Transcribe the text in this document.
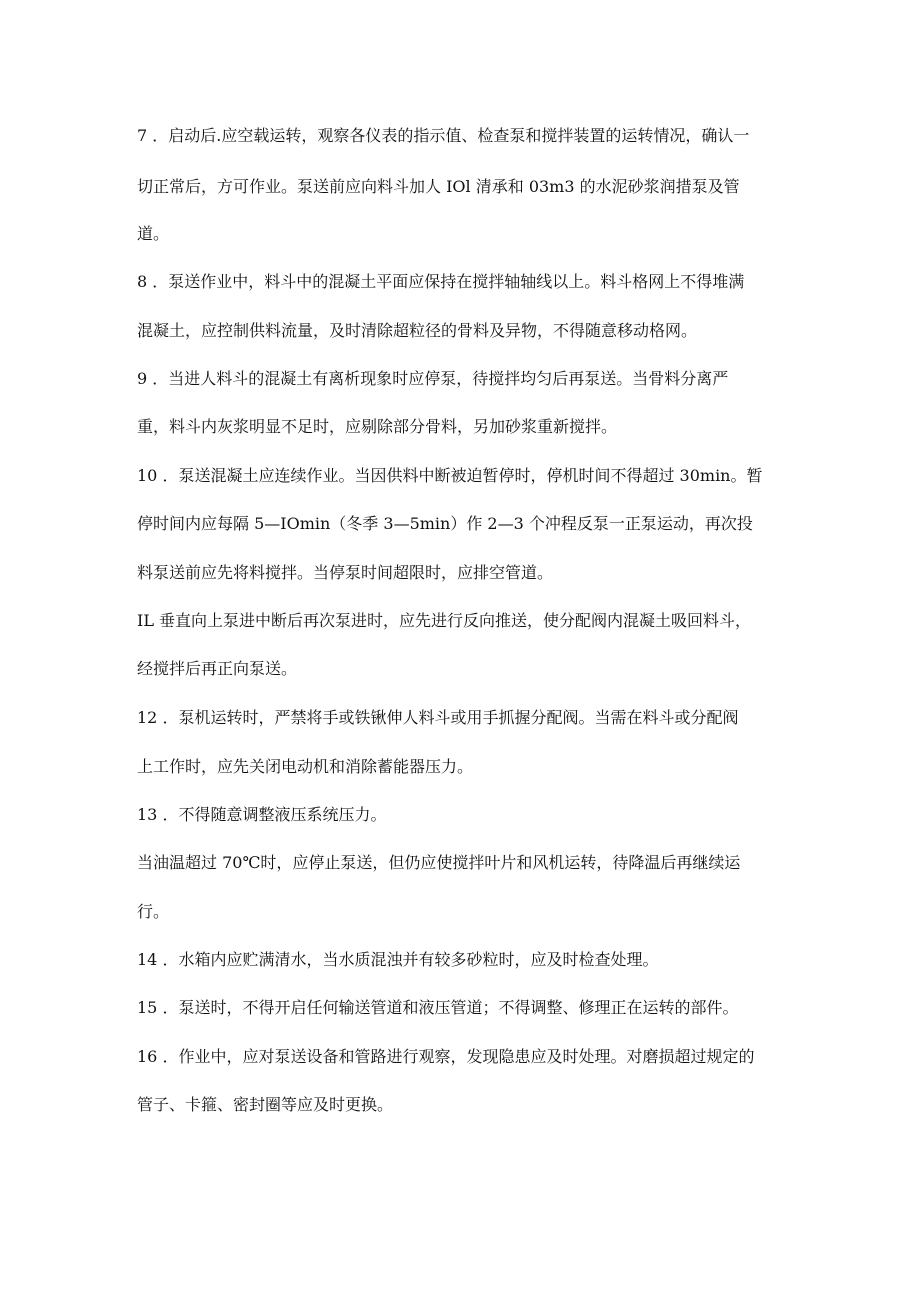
7 ．启动后.应空载运转，观察各仪表的指示值、检查泵和搅拌装置的运转情况，确认一
切正常后，方可作业。泵送前应向料斗加人 IOl 清承和 03m3 的水泥砂浆润措泵及管
道。
8 ．泵送作业中，料斗中的混凝土平面应保持在搅拌轴轴线以上。料斗格网上不得堆满
混凝土，应控制供料流量，及时清除超粒径的骨料及异物，不得随意移动格网。
9 ．当进人料斗的混凝土有离析现象时应停泵，待搅拌均匀后再泵送。当骨料分离严
重，料斗内灰浆明显不足时，应剔除部分骨料，另加砂浆重新搅拌。
10 ．泵送混凝土应连续作业。当因供料中断被迫暂停时，停机时间不得超过 30min。暂
停时间内应每隔 5—IOmin（冬季 3—5min）作 2—3 个冲程反泵一正泵运动，再次投
料泵送前应先将料搅拌。当停泵时间超限时，应排空管道。
IL 垂直向上泵进中断后再次泵进时，应先进行反向推送，使分配阀内混凝土吸回料斗，
经搅拌后再正向泵送。
12 ．泵机运转时，严禁将手或铁锹伸人料斗或用手抓握分配阀。当需在料斗或分配阀
上工作时，应先关闭电动机和消除蓄能器压力。
13 ．不得随意调整液压系统压力。
当油温超过 70℃时，应停止泵送，但仍应使搅拌叶片和风机运转，待降温后再继续运
行。
14 ．水箱内应贮满清水，当水质混浊并有较多砂粒时，应及时检查处理。
15 ．泵送时，不得开启任何输送管道和液压管道；不得调整、修理正在运转的部件。
16 ．作业中，应对泵送设备和管路进行观察，发现隐患应及时处理。对磨损超过规定的
管子、卡箍、密封圈等应及时更换。
